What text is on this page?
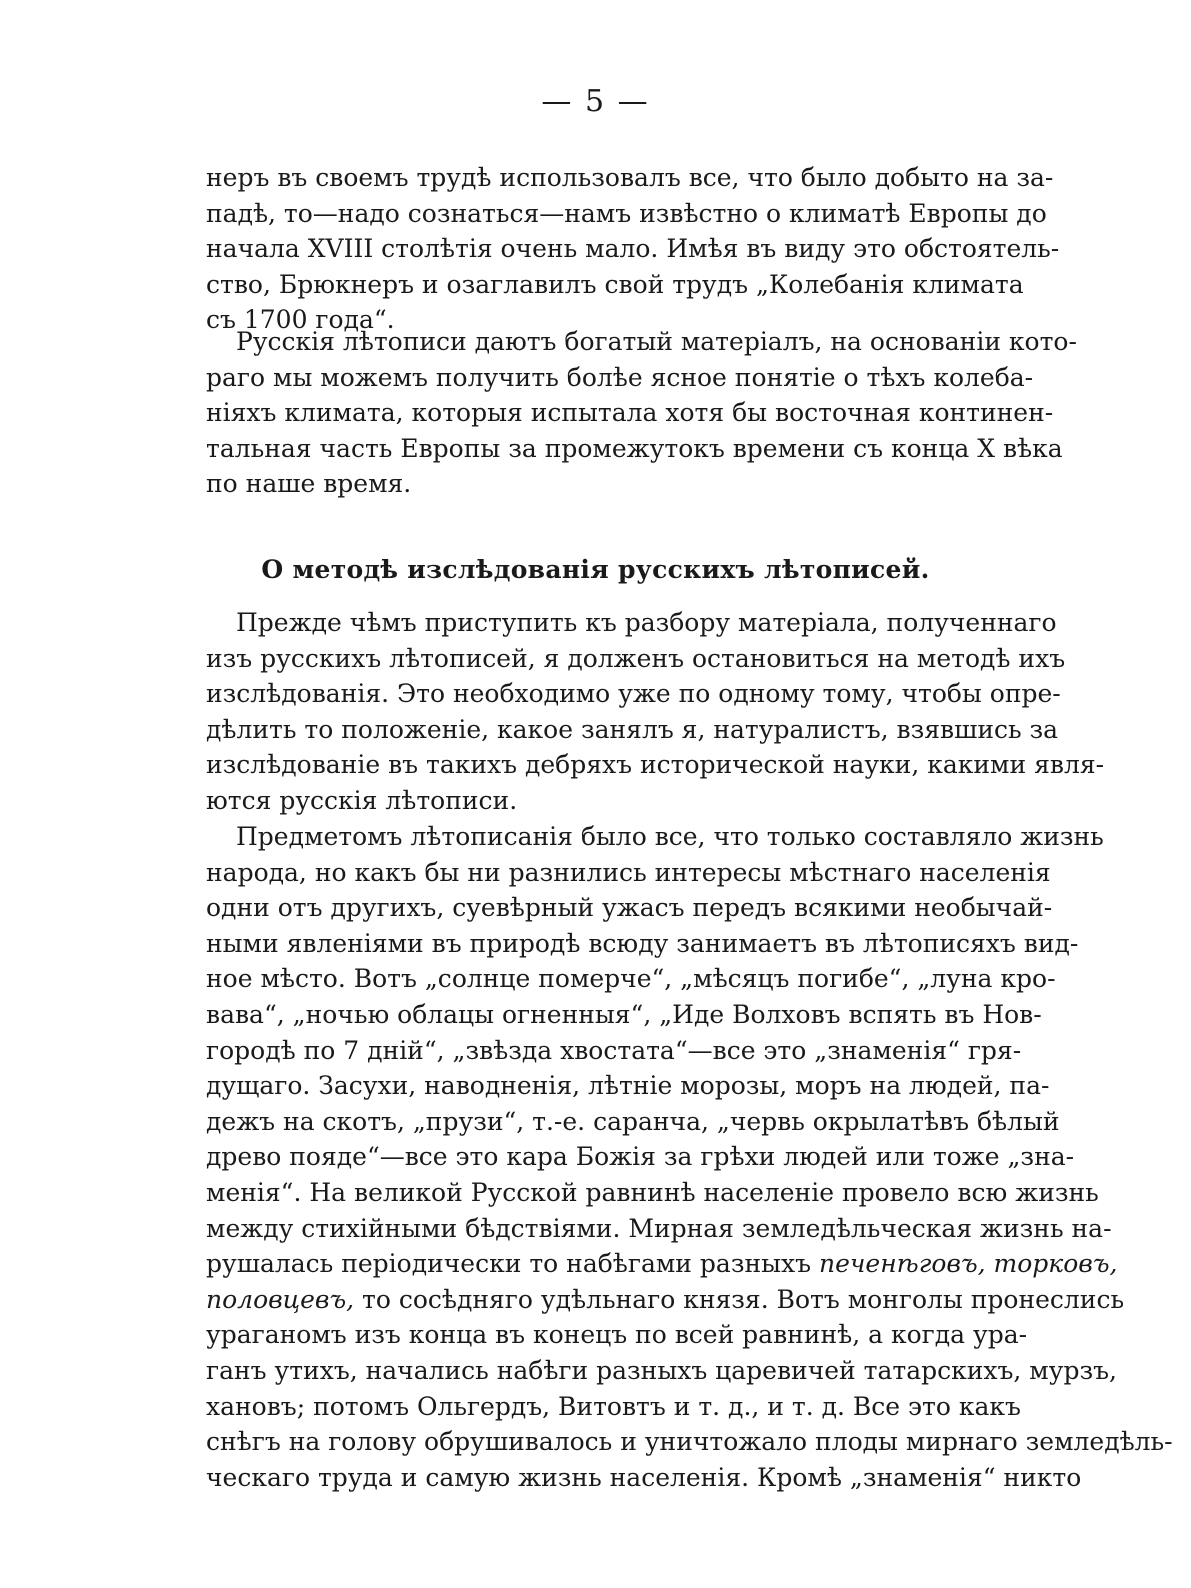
— 5 —
неръ въ своемъ трудѣ использовалъ все, что было добыто на за-
падѣ, то—надо сознаться—намъ извѣстно о климатѣ Европы до
начала XVIII столѣтія очень мало. Имѣя въ виду это обстоятель-
ство, Брюкнеръ и озаглавилъ свой трудъ „Колебанія климата
съ 1700 года“.
Русскія лѣтописи даютъ богатый матеріалъ, на основаніи кото-
раго мы можемъ получить болѣе ясное понятіе о тѣхъ колеба-
ніяхъ климата, которыя испытала хотя бы восточная континен-
тальная часть Европы за промежутокъ времени съ конца X вѣка
по наше время.
О методѣ изслѣдованія русскихъ лѣтописей.
Прежде чѣмъ приступить къ разбору матеріала, полученнаго
изъ русскихъ лѣтописей, я долженъ остановиться на методѣ ихъ
изслѣдованія. Это необходимо уже по одному тому, чтобы опре-
дѣлить то положеніе, какое занялъ я, натуралистъ, взявшись за
изслѣдованіе въ такихъ дебряхъ исторической науки, какими явля-
ются русскія лѣтописи.
Предметомъ лѣтописанія было все, что только составляло жизнь
народа, но какъ бы ни разнились интересы мѣстнаго населенія
одни отъ другихъ, суевѣрный ужасъ передъ всякими необычай-
ными явленіями въ природѣ всюду занимаетъ въ лѣтописяхъ вид-
ное мѣсто. Вотъ „солнце померче“, „мѣсяцъ погибе“, „луна кро-
вава“, „ночью облацы огненныя“, „Иде Волховъ вспять въ Нов-
городѣ по 7 дній“, „звѣзда хвостата“—все это „знаменія“ гря-
дущаго. Засухи, наводненія, лѣтніе морозы, моръ на людей, па-
дежъ на скотъ, „прузи“, т.-е. саранча, „червь окрылатѣвъ бѣлый
древо пояде“—все это кара Божія за грѣхи людей или тоже „зна-
менія“. На великой Русской равнинѣ населеніе провело всю жизнь
между стихійными бѣдствіями. Мирная земледѣльческая жизнь на-
рушалась періодически то набѣгами разныхъ печенѣговъ, торковъ,
половцевъ, то сосѣдняго удѣльнаго князя. Вотъ монголы пронеслись
ураганомъ изъ конца въ конецъ по всей равнинѣ, а когда ура-
ганъ утихъ, начались набѣги разныхъ царевичей татарскихъ, мурзъ,
хановъ; потомъ Ольгердъ, Витовтъ и т. д., и т. д. Все это какъ
снѣгъ на голову обрушивалось и уничтожало плоды мирнаго земледѣль-
ческаго труда и самую жизнь населенія. Кромѣ „знаменія“ никто
